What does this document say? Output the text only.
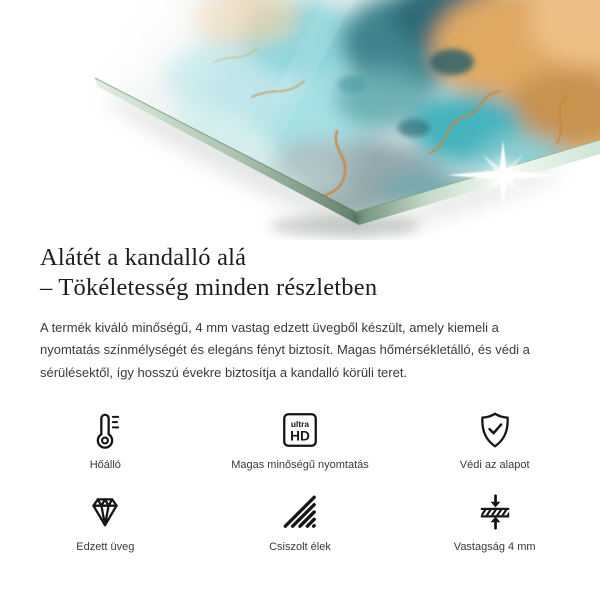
Alátét a kandalló alá
– Tökéletesség minden részletben

A termék kiváló minőségű, 4 mm vastag edzett üvegből készült, amely kiemeli a nyomtatás színmélységét és elegáns fényt biztosít. Magas hőmérsékletálló, és védi a sérülésektől, így hosszú évekre biztosítja a kandalló körüli teret.

Hőálló
ultra
HD
Magas minőségű nyomtatás	Védi az alapot
Edzett üveg	Csiszolt élek	Vastagság 4 mm
